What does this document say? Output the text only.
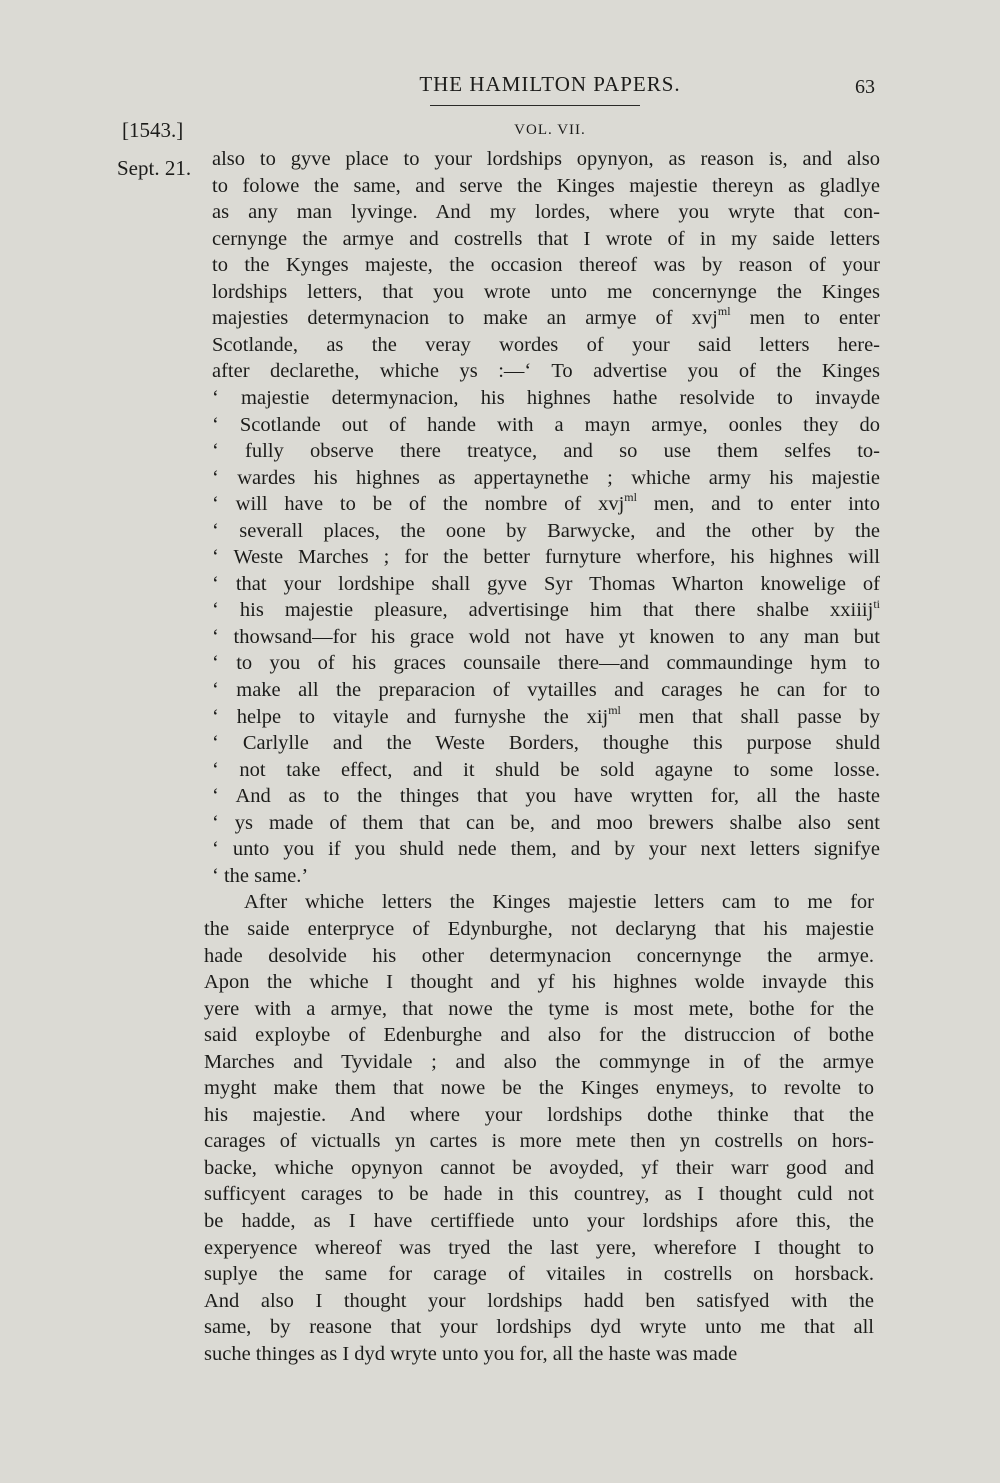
THE HAMILTON PAPERS.	63
[1543.]	VOL. VII.
Sept. 21. also to gyve place to your lordships opynyon, as reason is, and also
to folowe the same, and serve the Kinges majestie thereyn as gladlye
as any man lyvinge. And my lordes, where you wryte that con-
cernynge the armye and costrells that I wrote of in my saide letters
to the Kynges majeste, the occasion thereof was by reason of your
lordships letters, that you wrote unto me concernynge the Kinges
majesties determynacion to make an armye of xvj$^{ml}$ men to enter
Scotlande, as the veray wordes of your said letters here-
after declarethe, whiche ys :—‘ To advertise you of the Kinges
‘ majestie determynacion, his highnes hathe resolvide to invayde
‘ Scotlande out of hande with a mayn armye, oonles they do
‘ fully observe there treatyce, and so use them selfes to-
‘ wardes his highnes as appertaynethe ; whiche army his majestie
‘ will have to be of the nombre of xvj$^{ml}$ men, and to enter into
‘ severall places, the oone by Barwycke, and the other by the
‘ Weste Marches ; for the better furnyture wherfore, his highnes will
‘ that your lordshipe shall gyve Syr Thomas Wharton knowelige of
‘ his majestie pleasure, advertisinge him that there shalbe xxiiij$^{ti}$
‘ thowsand—for his grace wold not have yt knowen to any man but
‘ to you of his graces counsaile there—and commaundinge hym to
‘ make all the preparacion of vytailles and carages he can for to
‘ helpe to vitayle and furnyshe the xij$^{ml}$ men that shall passe by
‘ Carlylle and the Weste Borders, thoughe this purpose shuld
‘ not take effect, and it shuld be sold agayne to some losse.
‘ And as to the thinges that you have wrytten for, all the haste
‘ ys made of them that can be, and moo brewers shalbe also sent
‘ unto you if you shuld nede them, and by your next letters signifye
‘ the same.’
After whiche letters the Kinges majestie letters cam to me for
the saide enterpryce of Edynburghe, not declaryng that his majestie
hade desolvide his other determynacion concernynge the armye.
Apon the whiche I thought and yf his highnes wolde invayde this
yere with a armye, that nowe the tyme is most mete, bothe for the
said exploybe of Edenburghe and also for the distruccion of bothe
Marches and Tyvidale ; and also the commynge in of the armye
myght make them that nowe be the Kinges enymeys, to revolte to
his majestie. And where your lordships dothe thinke that the
carages of victualls yn cartes is more mete then yn costrells on hors-
backe, whiche opynyon cannot be avoyded, yf their warr good and
sufficyent carages to be hade in this countrey, as I thought culd not
be hadde, as I have certiffiede unto your lordships afore this, the
experyence whereof was tryed the last yere, wherefore I thought to
suplye the same for carage of vitailes in costrells on horsback.
And also I thought your lordships hadd ben satisfyed with the
same, by reasone that your lordships dyd wryte unto me that all
suche thinges as I dyd wryte unto you for, all the haste was made
